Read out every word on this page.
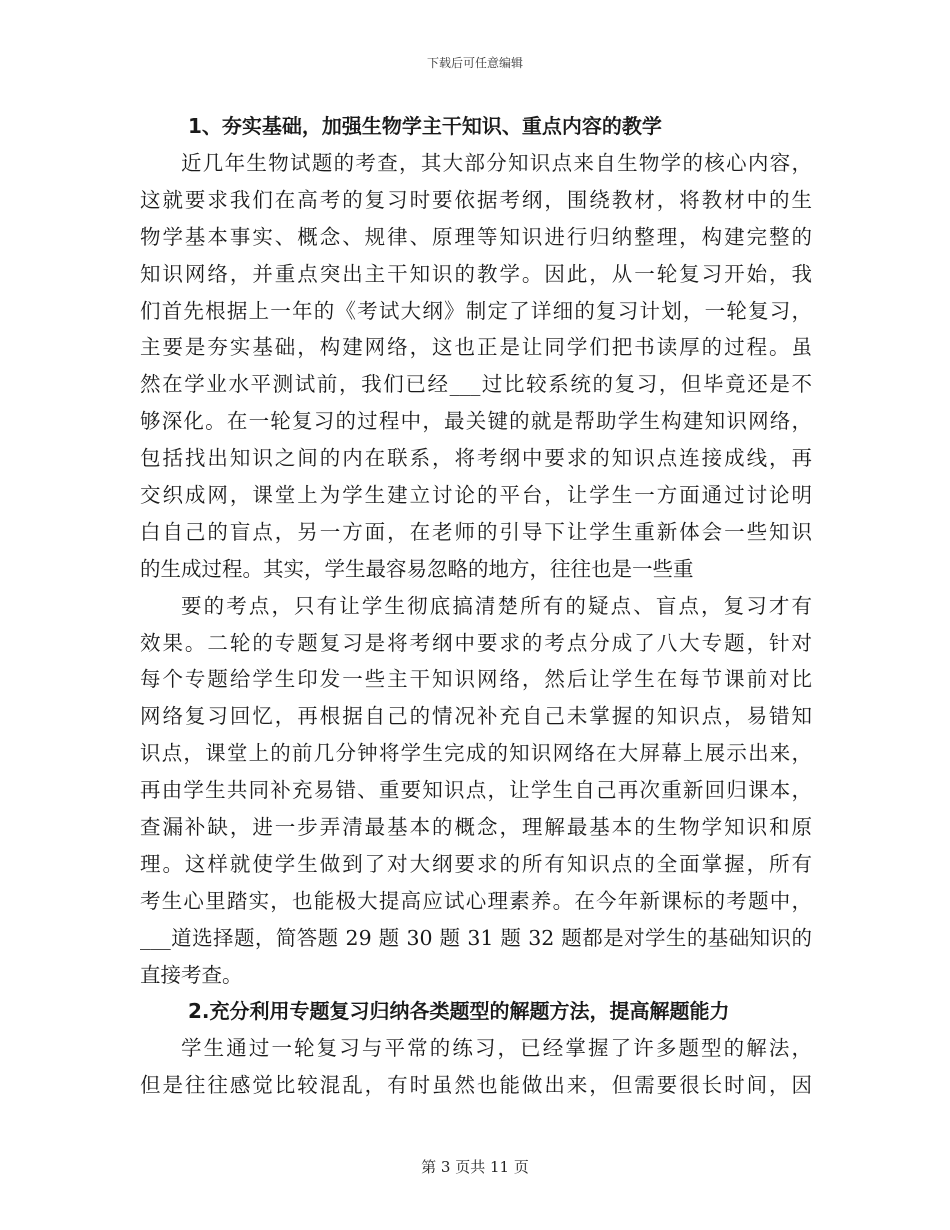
下载后可任意编辑
1、夯实基础，加强生物学主干知识、重点内容的教学
近几年生物试题的考查，其大部分知识点来自生物学的核心内容，
这就要求我们在高考的复习时要依据考纲，围绕教材，将教材中的生
物学基本事实、概念、规律、原理等知识进行归纳整理，构建完整的
知识网络，并重点突出主干知识的教学。因此，从一轮复习开始，我
们首先根据上一年的《考试大纲》制定了详细的复习计划，一轮复习，
主要是夯实基础，构建网络，这也正是让同学们把书读厚的过程。虽
然在学业水平测试前，我们已经___过比较系统的复习，但毕竟还是不
够深化。在一轮复习的过程中，最关键的就是帮助学生构建知识网络，
包括找出知识之间的内在联系，将考纲中要求的知识点连接成线，再
交织成网，课堂上为学生建立讨论的平台，让学生一方面通过讨论明
白自己的盲点，另一方面，在老师的引导下让学生重新体会一些知识
的生成过程。其实，学生最容易忽略的地方，往往也是一些重
要的考点，只有让学生彻底搞清楚所有的疑点、盲点，复习才有
效果。二轮的专题复习是将考纲中要求的考点分成了八大专题，针对
每个专题给学生印发一些主干知识网络，然后让学生在每节课前对比
网络复习回忆，再根据自己的情况补充自己未掌握的知识点，易错知
识点，课堂上的前几分钟将学生完成的知识网络在大屏幕上展示出来，
再由学生共同补充易错、重要知识点，让学生自己再次重新回归课本，
查漏补缺，进一步弄清最基本的概念，理解最基本的生物学知识和原
理。这样就使学生做到了对大纲要求的所有知识点的全面掌握，所有
考生心里踏实，也能极大提高应试心理素养。在今年新课标的考题中，
___道选择题，简答题 29 题 30 题 31 题 32 题都是对学生的基础知识的
直接考查。
2.充分利用专题复习归纳各类题型的解题方法，提高解题能力
学生通过一轮复习与平常的练习，已经掌握了许多题型的解法，
但是往往感觉比较混乱，有时虽然也能做出来，但需要很长时间，因
第 3 页共 11 页
